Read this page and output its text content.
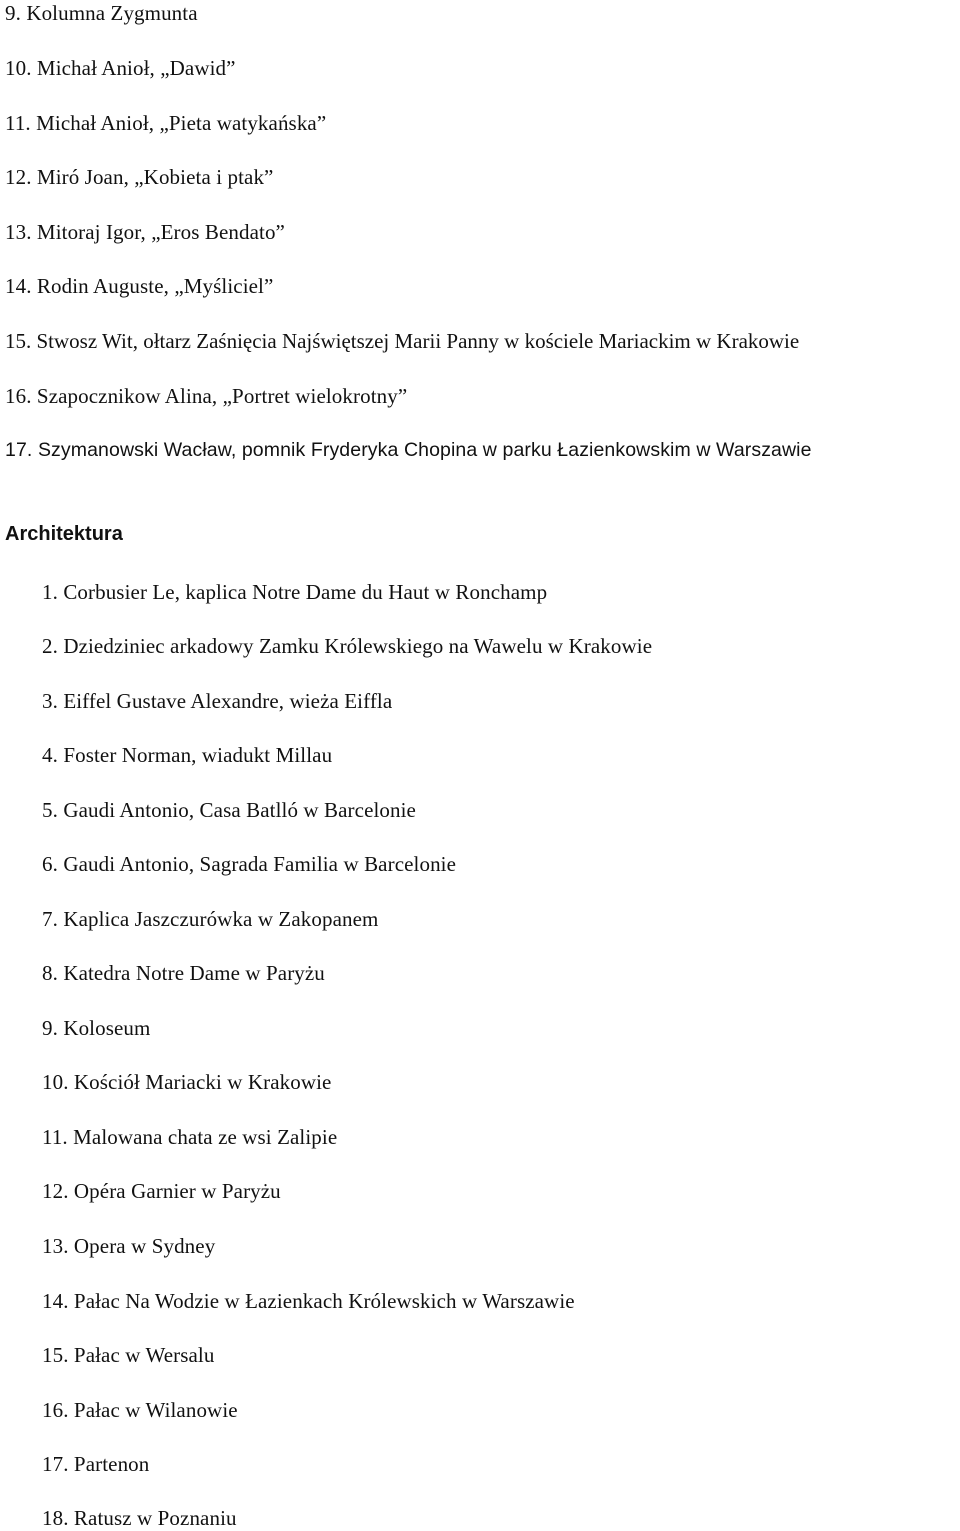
9. Kolumna Zygmunta
10. Michał Anioł, „Dawid”
11. Michał Anioł, „Pieta watykańska”
12. Miró Joan, „Kobieta i ptak”
13. Mitoraj Igor, „Eros Bendato”
14. Rodin Auguste, „Myśliciel”
15. Stwosz Wit, ołtarz Zaśnięcia Najświętszej Marii Panny w kościele Mariackim w Krakowie
16. Szapocznikow Alina, „Portret wielokrotny”
17. Szymanowski Wacław, pomnik Fryderyka Chopina w parku Łazienkowskim w Warszawie
Architektura
1. Corbusier Le, kaplica Notre Dame du Haut w Ronchamp
2. Dziedziniec arkadowy Zamku Królewskiego na Wawelu w Krakowie
3. Eiffel Gustave Alexandre, wieża Eiffla
4. Foster Norman, wiadukt Millau
5. Gaudi Antonio, Casa Batlló w Barcelonie
6. Gaudi Antonio, Sagrada Familia w Barcelonie
7. Kaplica Jaszczurówka w Zakopanem
8. Katedra Notre Dame w Paryżu
9. Koloseum
10. Kościół Mariacki w Krakowie
11. Malowana chata ze wsi Zalipie
12. Opéra Garnier w Paryżu
13. Opera w Sydney
14. Pałac Na Wodzie w Łazienkach Królewskich w Warszawie
15. Pałac w Wersalu
16. Pałac w Wilanowie
17. Partenon
18. Ratusz w Poznaniu
